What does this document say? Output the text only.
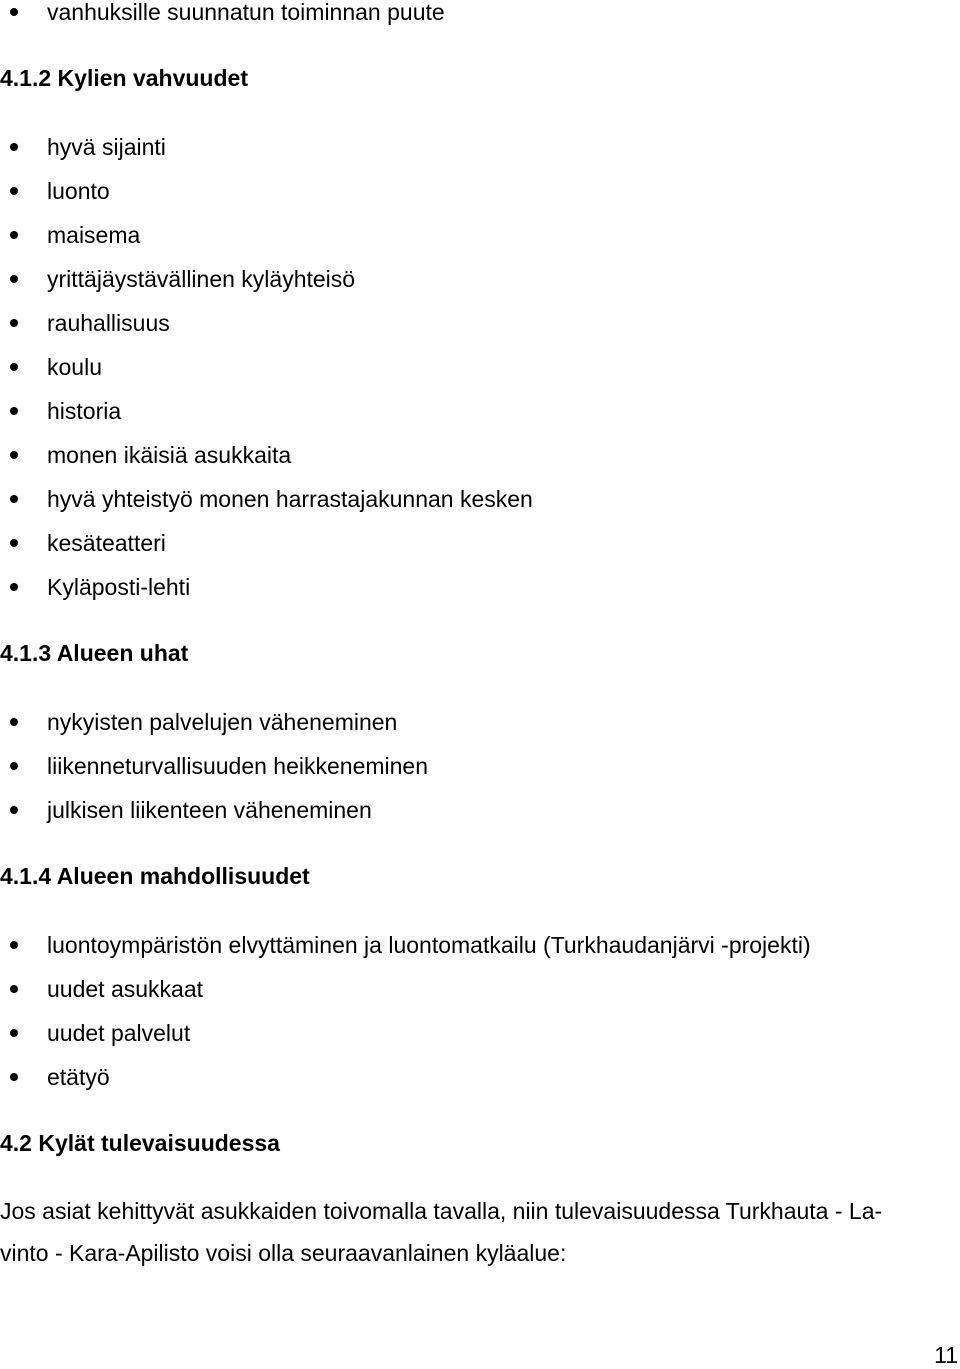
vanhuksille suunnatun toiminnan puute
4.1.2 Kylien vahvuudet
hyvä sijainti
luonto
maisema
yrittäjäystävällinen kyläyhteisö
rauhallisuus
koulu
historia
monen ikäisiä asukkaita
hyvä yhteistyö monen harrastajakunnan kesken
kesäteatteri
Kyläposti-lehti
4.1.3 Alueen uhat
nykyisten palvelujen väheneminen
liikenneturvallisuuden heikkeneminen
julkisen liikenteen väheneminen
4.1.4 Alueen mahdollisuudet
luontoympäristön elvyttäminen ja luontomatkailu (Turkhaudanjärvi -projekti)
uudet asukkaat
uudet palvelut
etätyö
4.2 Kylät tulevaisuudessa
Jos asiat kehittyvät asukkaiden toivomalla tavalla, niin tulevaisuudessa Turkhauta - La-
vinto - Kara-Apilisto voisi olla seuraavanlainen kyläalue:
11
